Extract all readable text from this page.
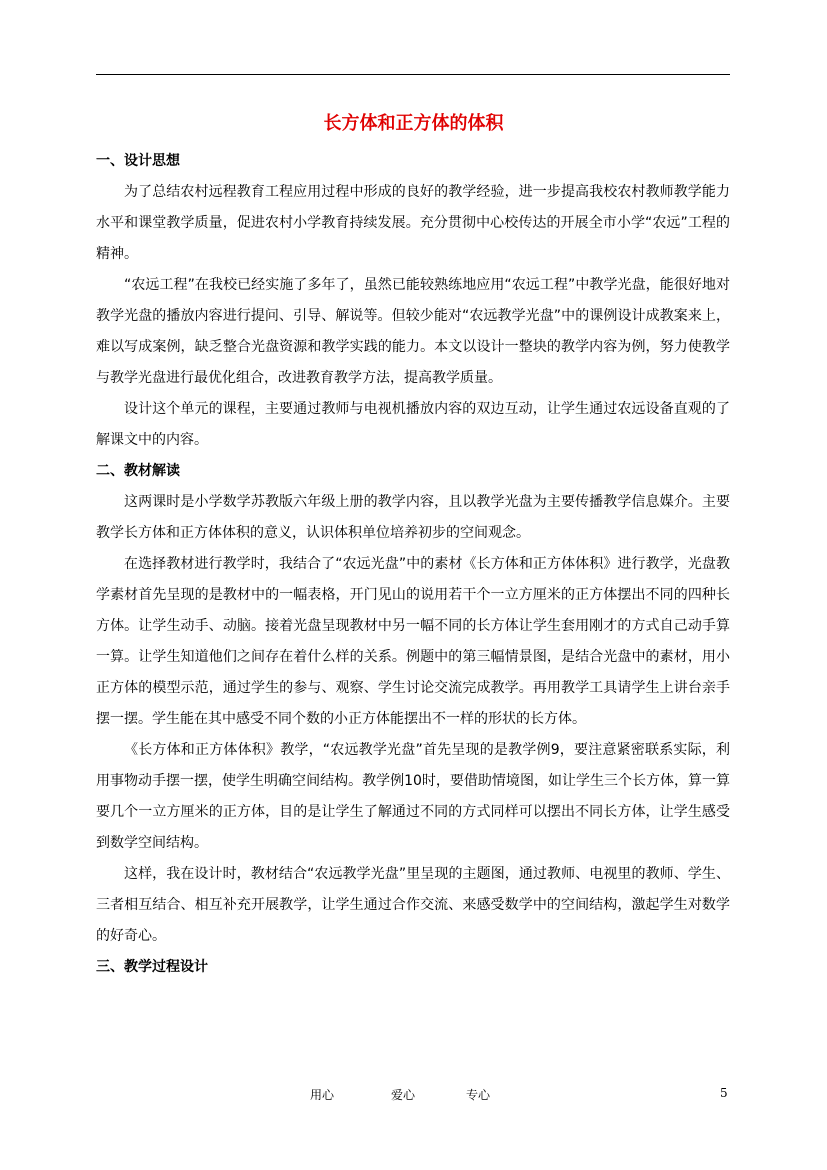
长方体和正方体的体积
一、设计思想

为了总结农村远程教育工程应用过程中形成的良好的教学经验，进一步提高我校农村教师教学能力水平和课堂教学质量，促进农村小学教育持续发展。充分贯彻中心校传达的开展全市小学“农远”工程的精神。

“农远工程”在我校已经实施了多年了，虽然已能较熟练地应用“农远工程”中教学光盘，能很好地对教学光盘的播放内容进行提问、引导、解说等。但较少能对“农远教学光盘”中的课例设计成教案来上，难以写成案例，缺乏整合光盘资源和教学实践的能力。本文以设计一整块的教学内容为例，努力使教学与教学光盘进行最优化组合，改进教育教学方法，提高教学质量。

设计这个单元的课程，主要通过教师与电视机播放内容的双边互动，让学生通过农远设备直观的了解课文中的内容。

二、教材解读

这两课时是小学数学苏教版六年级上册的教学内容，且以教学光盘为主要传播教学信息媒介。主要教学长方体和正方体体积的意义，认识体积单位培养初步的空间观念。

在选择教材进行教学时，我结合了“农远光盘”中的素材《长方体和正方体体积》进行教学，光盘教学素材首先呈现的是教材中的一幅表格，开门见山的说用若干个一立方厘米的正方体摆出不同的四种长方体。让学生动手、动脑。接着光盘呈现教材中另一幅不同的长方体让学生套用刚才的方式自己动手算一算。让学生知道他们之间存在着什么样的关系。例题中的第三幅情景图，是结合光盘中的素材，用小正方体的模型示范，通过学生的参与、观察、学生讨论交流完成教学。再用教学工具请学生上讲台亲手摆一摆。学生能在其中感受不同个数的小正方体能摆出不一样的形状的长方体。

《长方体和正方体体积》教学，“农远教学光盘”首先呈现的是教学例9，要注意紧密联系实际，利用事物动手摆一摆，使学生明确空间结构。教学例10时，要借助情境图，如让学生三个长方体，算一算要几个一立方厘米的正方体，目的是让学生了解通过不同的方式同样可以摆出不同长方体，让学生感受到数学空间结构。

这样，我在设计时，教材结合“农远教学光盘”里呈现的主题图，通过教师、电视里的教师、学生、三者相互结合、相互补充开展教学，让学生通过合作交流、来感受数学中的空间结构，激起学生对数学的好奇心。

三、教学过程设计
用心	爱心	专心	5
